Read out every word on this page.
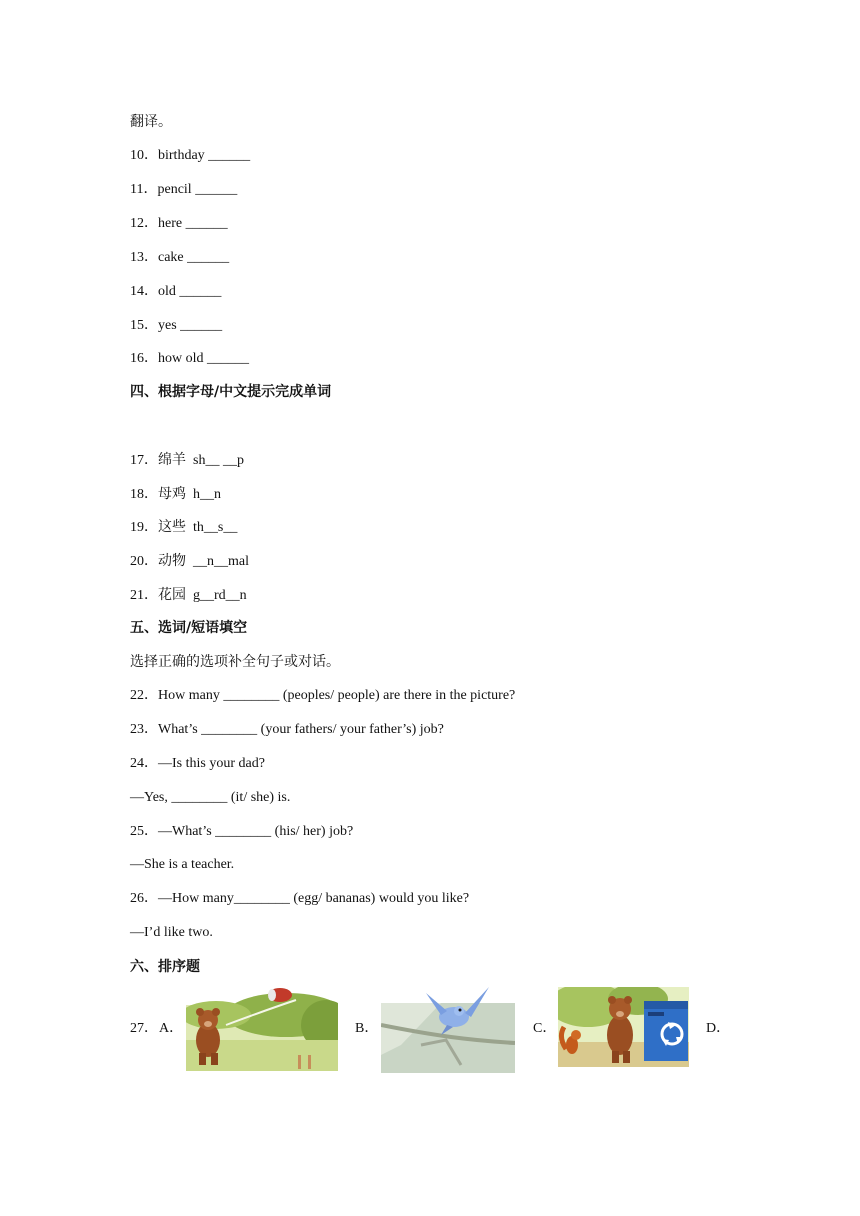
翻译。
10．birthday ______
11．pencil ______
12．here ______
13．cake ______
14．old ______
15．yes ______
16．how old ______
四、根据字母/中文提示完成单词
17．绵羊 sh__ __p
18．母鸡 h__n
19．这些 th__s__
20．动物 __n__mal
21．花园 g__rd__n
五、选词/短语填空
选择正确的选项补全句子或对话。
22．How many ________ (peoples/ people) are there in the picture?
23．What’s ________ (your fathers/ your father’s) job?
24．—Is this your dad?
—Yes, ________ (it/ she) is.
25．—What’s ________ (his/ her) job?
—She is a teacher.
26．—How many________ (egg/ bananas) would you like?
—I’d like two.
六、排序题
27． A．	B．	C．	D．
